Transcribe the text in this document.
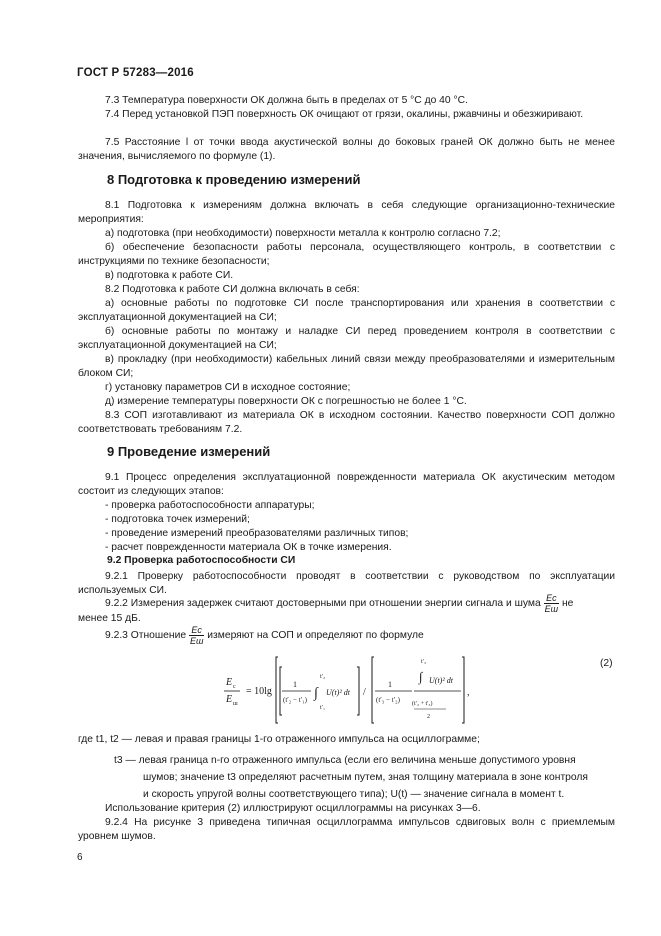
ГОСТ Р 57283—2016
7.3 Температура поверхности ОК должна быть в пределах от 5 °С до 40 °С.
7.4 Перед установкой ПЭП поверхность ОК очищают от грязи, окалины, ржавчины и обезжиривают.
7.5 Расстояние l от точки ввода акустической волны до боковых граней ОК должно быть не менее значения, вычисляемого по формуле (1).
8 Подготовка к проведению измерений
8.1 Подготовка к измерениям должна включать в себя следующие организационно-технические мероприятия:
а) подготовка (при необходимости) поверхности металла к контролю согласно 7.2;
б) обеспечение безопасности работы персонала, осуществляющего контроль, в соответствии с инструкциями по технике безопасности;
в) подготовка к работе СИ.
8.2 Подготовка к работе СИ должна включать в себя:
а) основные работы по подготовке СИ после транспортирования или хранения в соответствии с эксплуатационной документацией на СИ;
б) основные работы по монтажу и наладке СИ перед проведением контроля в соответствии с эксплуатационной документацией на СИ;
в) прокладку (при необходимости) кабельных линий связи между преобразователями и измерительным блоком СИ;
г) установку параметров СИ в исходное состояние;
д) измерение температуры поверхности ОК с погрешностью не более 1 °С.
8.3 СОП изготавливают из материала ОК в исходном состоянии. Качество поверхности СОП должно соответствовать требованиям 7.2.
9 Проведение измерений
9.1 Процесс определения эксплуатационной поврежденности материала ОК акустическим методом состоит из следующих этапов:
- проверка работоспособности аппаратуры;
- подготовка точек измерений;
- проведение измерений преобразователями различных типов;
- расчет поврежденности материала ОК в точке измерения.
9.2 Проверка работоспособности СИ
9.2.1 Проверку работоспособности проводят в соответствии с руководством по эксплуатации используемых СИ.
9.2.2 Измерения задержек считают достоверными при отношении энергии сигнала и шума $\frac{Eс}{Eш}$ не
менее 15 дБ.
9.2.3 Отношение $\frac{Eс}{Eш}$ измеряют на СОП и определяют по формуле
E с
E ш
= 10lg
1
(t′₂ − t′₁) ∫
t′₂
t′₁
U(t)² dt /
1
(t′₃ − t′₂)
∫
t′₃
U(t)² dt
(t′₂ + t′₃)
2
,
(2)
где t1, t2 — левая и правая границы 1-го отраженного импульса на осциллограмме;
t3 — левая граница n-го отраженного импульса (если его величина меньше допустимого уровня
шумов; значение t3 определяют расчетным путем, зная толщину материала в зоне контроля
и скорость упругой волны соответствующего типа); U(t) — значение сигнала в момент t.
Использование критерия (2) иллюстрируют осциллограммы на рисунках 3—6.
9.2.4 На рисунке 3 приведена типичная осциллограмма импульсов сдвиговых волн с приемлемым уровнем шумов.
6
